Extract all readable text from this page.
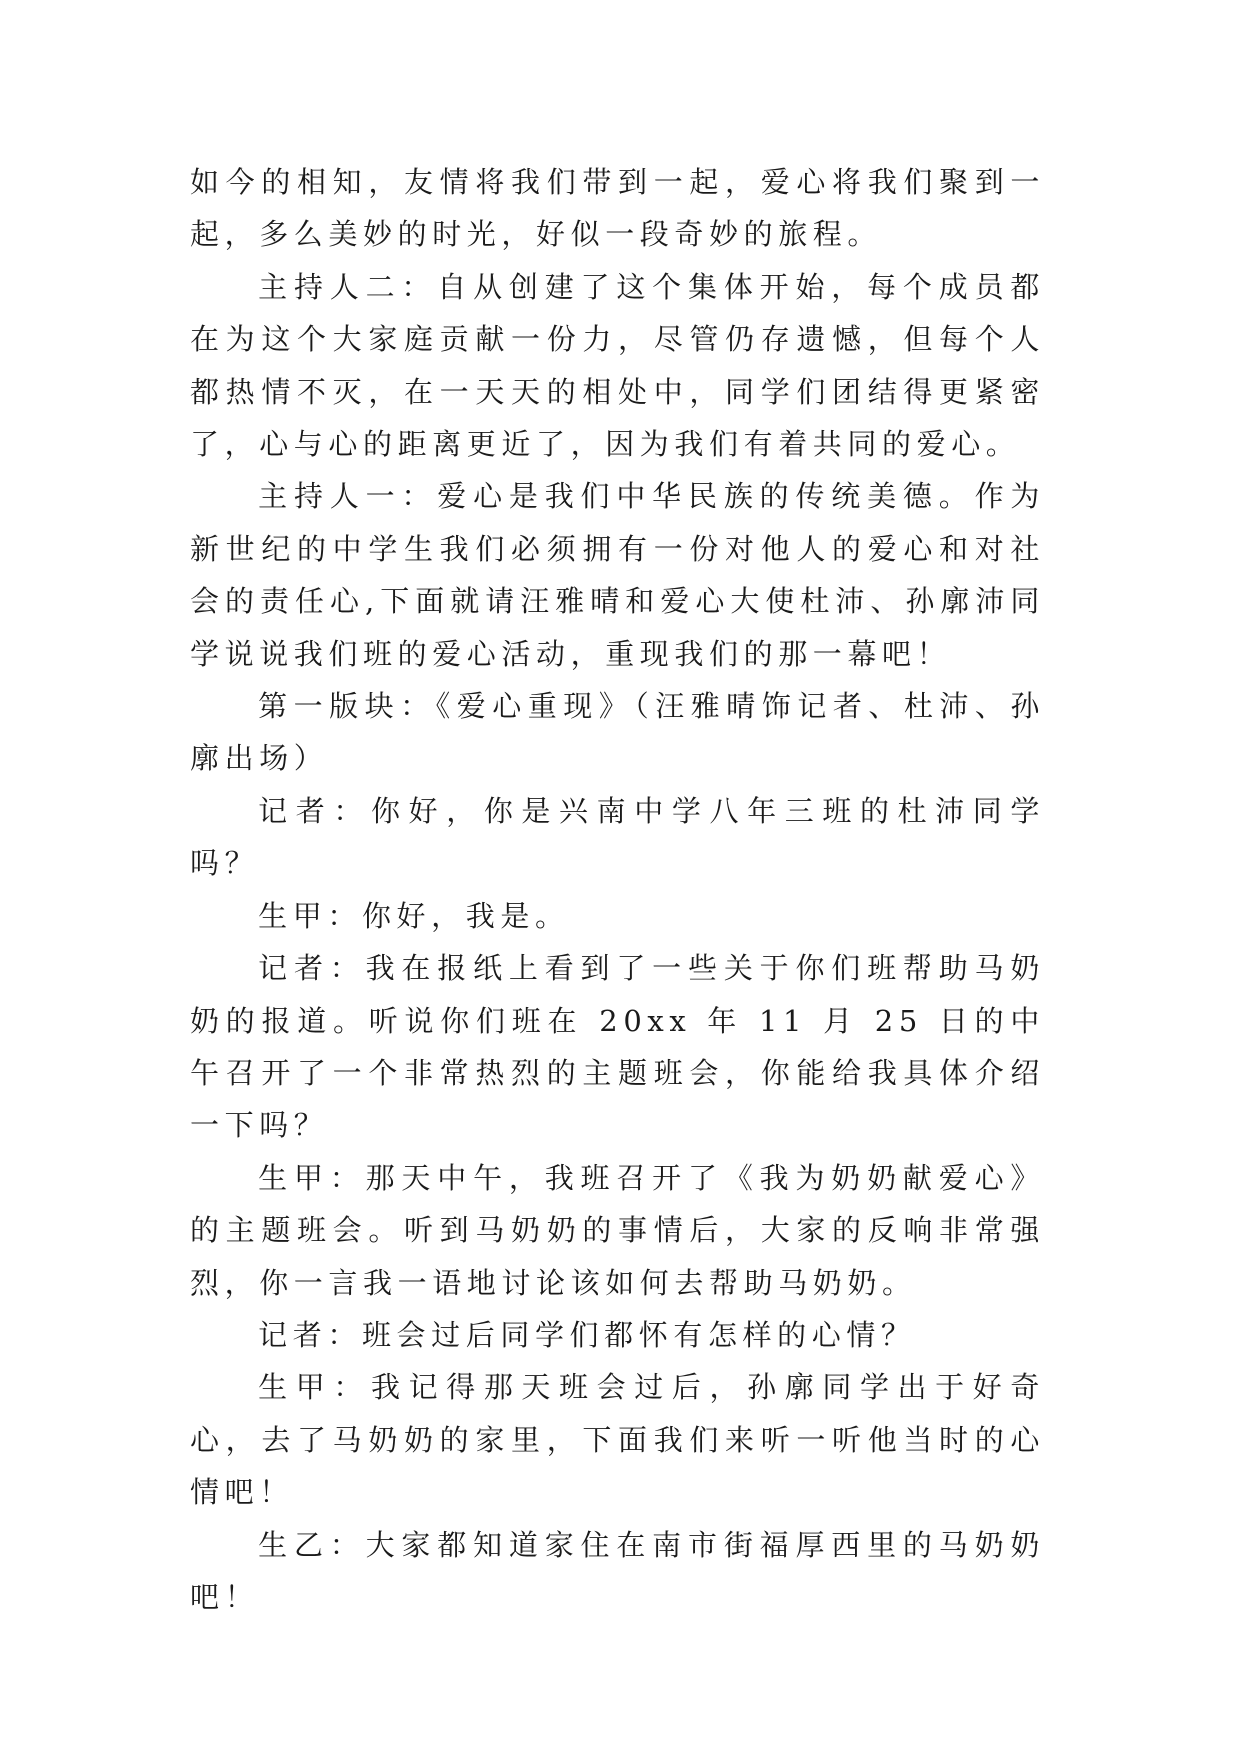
如今的相知，友情将我们带到一起，爱心将我们聚到一起，多么美妙的时光，好似一段奇妙的旅程。

主持人二：自从创建了这个集体开始，每个成员都在为这个大家庭贡献一份力，尽管仍存遗憾，但每个人都热情不灭，在一天天的相处中，同学们团结得更紧密了，心与心的距离更近了，因为我们有着共同的爱心。

主持人一：爱心是我们中华民族的传统美德。作为新世纪的中学生我们必须拥有一份对他人的爱心和对社会的责任心,下面就请汪雅晴和爱心大使杜沛、孙廓沛同学说说我们班的爱心活动，重现我们的那一幕吧！

第一版块：《爱心重现》（汪雅晴饰记者、杜沛、孙廓出场）

记者：你好，你是兴南中学八年三班的杜沛同学吗？

生甲：你好，我是。

记者：我在报纸上看到了一些关于你们班帮助马奶奶的报道。听说你们班在 20xx 年 11 月 25 日的中午召开了一个非常热烈的主题班会，你能给我具体介绍一下吗？

生甲：那天中午，我班召开了《我为奶奶献爱心》的主题班会。听到马奶奶的事情后，大家的反响非常强烈，你一言我一语地讨论该如何去帮助马奶奶。

记者：班会过后同学们都怀有怎样的心情？

生甲：我记得那天班会过后，孙廓同学出于好奇心，去了马奶奶的家里，下面我们来听一听他当时的心情吧！

生乙：大家都知道家住在南市街福厚西里的马奶奶吧！
